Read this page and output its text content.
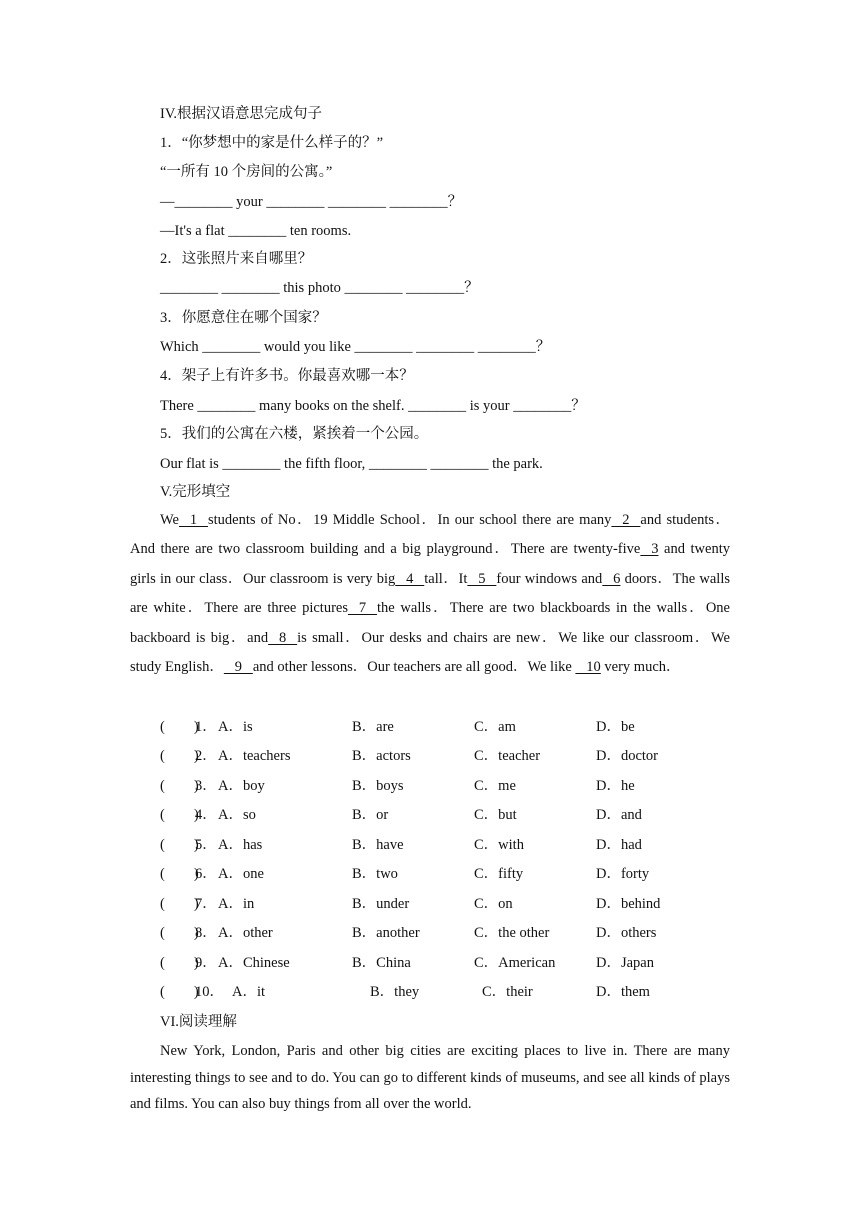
IV.根据汉语意思完成句子
1．“你梦想中的家是什么样子的？”
“一所有 10 个房间的公寓。”
—________ your ________ ________ ________？
—It's a flat ________ ten rooms.
2．这张照片来自哪里？
________ ________ this photo ________ ________？
3．你愿意住在哪个国家？
Which ________ would you like ________ ________ ________？
4．架子上有许多书。你最喜欢哪一本？
There ________ many books on the shelf. ________ is your ________？
5．我们的公寓在六楼，紧挨着一个公园。
Our flat is ________ the fifth floor, ________ ________ the park.
V.完形填空
We   1   students of No．19 Middle School．In our school there are many   2   and students．And there are two classroom building and a big playground．There are twenty-five   3 and twenty girls in our class．Our classroom is very big   4   tall．It   5   four windows and   6 doors．The walls are white．There are three pictures   7   the walls．There are two blackboards in the walls．One backboard is big．and   8   is small．Our desks and chairs are new．We like our classroom．We study English．   9   and other lessons．Our teachers are all good．We like    10 very much．
(　　)
1． A．is	B．are	C．am	D．be
(　　)
2． A．teachers	B．actors	C．teacher	D．doctor
(　　)
3． A．boy	B．boys	C．me	D．he
(　　)
4． A．so	B．or	C．but	D．and
(　　)
5． A．has	B．have	C．with	D．had
(　　)
6． A．one	B．two	C．fifty	D．forty
(　　)
7． A．in	B．under	C．on	D．behind
(　　)
8． A．other	B．another	C．the other	D．others
(　　)
9． A．Chinese	B．China	C．American	D．Japan
(　　)
10． A．it	B．they	C．their	D．them
VI.阅读理解
New York, London, Paris and other big cities are exciting places to live in. There are many interesting things to see and to do. You can go to different kinds of museums, and see all kinds of plays and films. You can also buy things from all over the world.
